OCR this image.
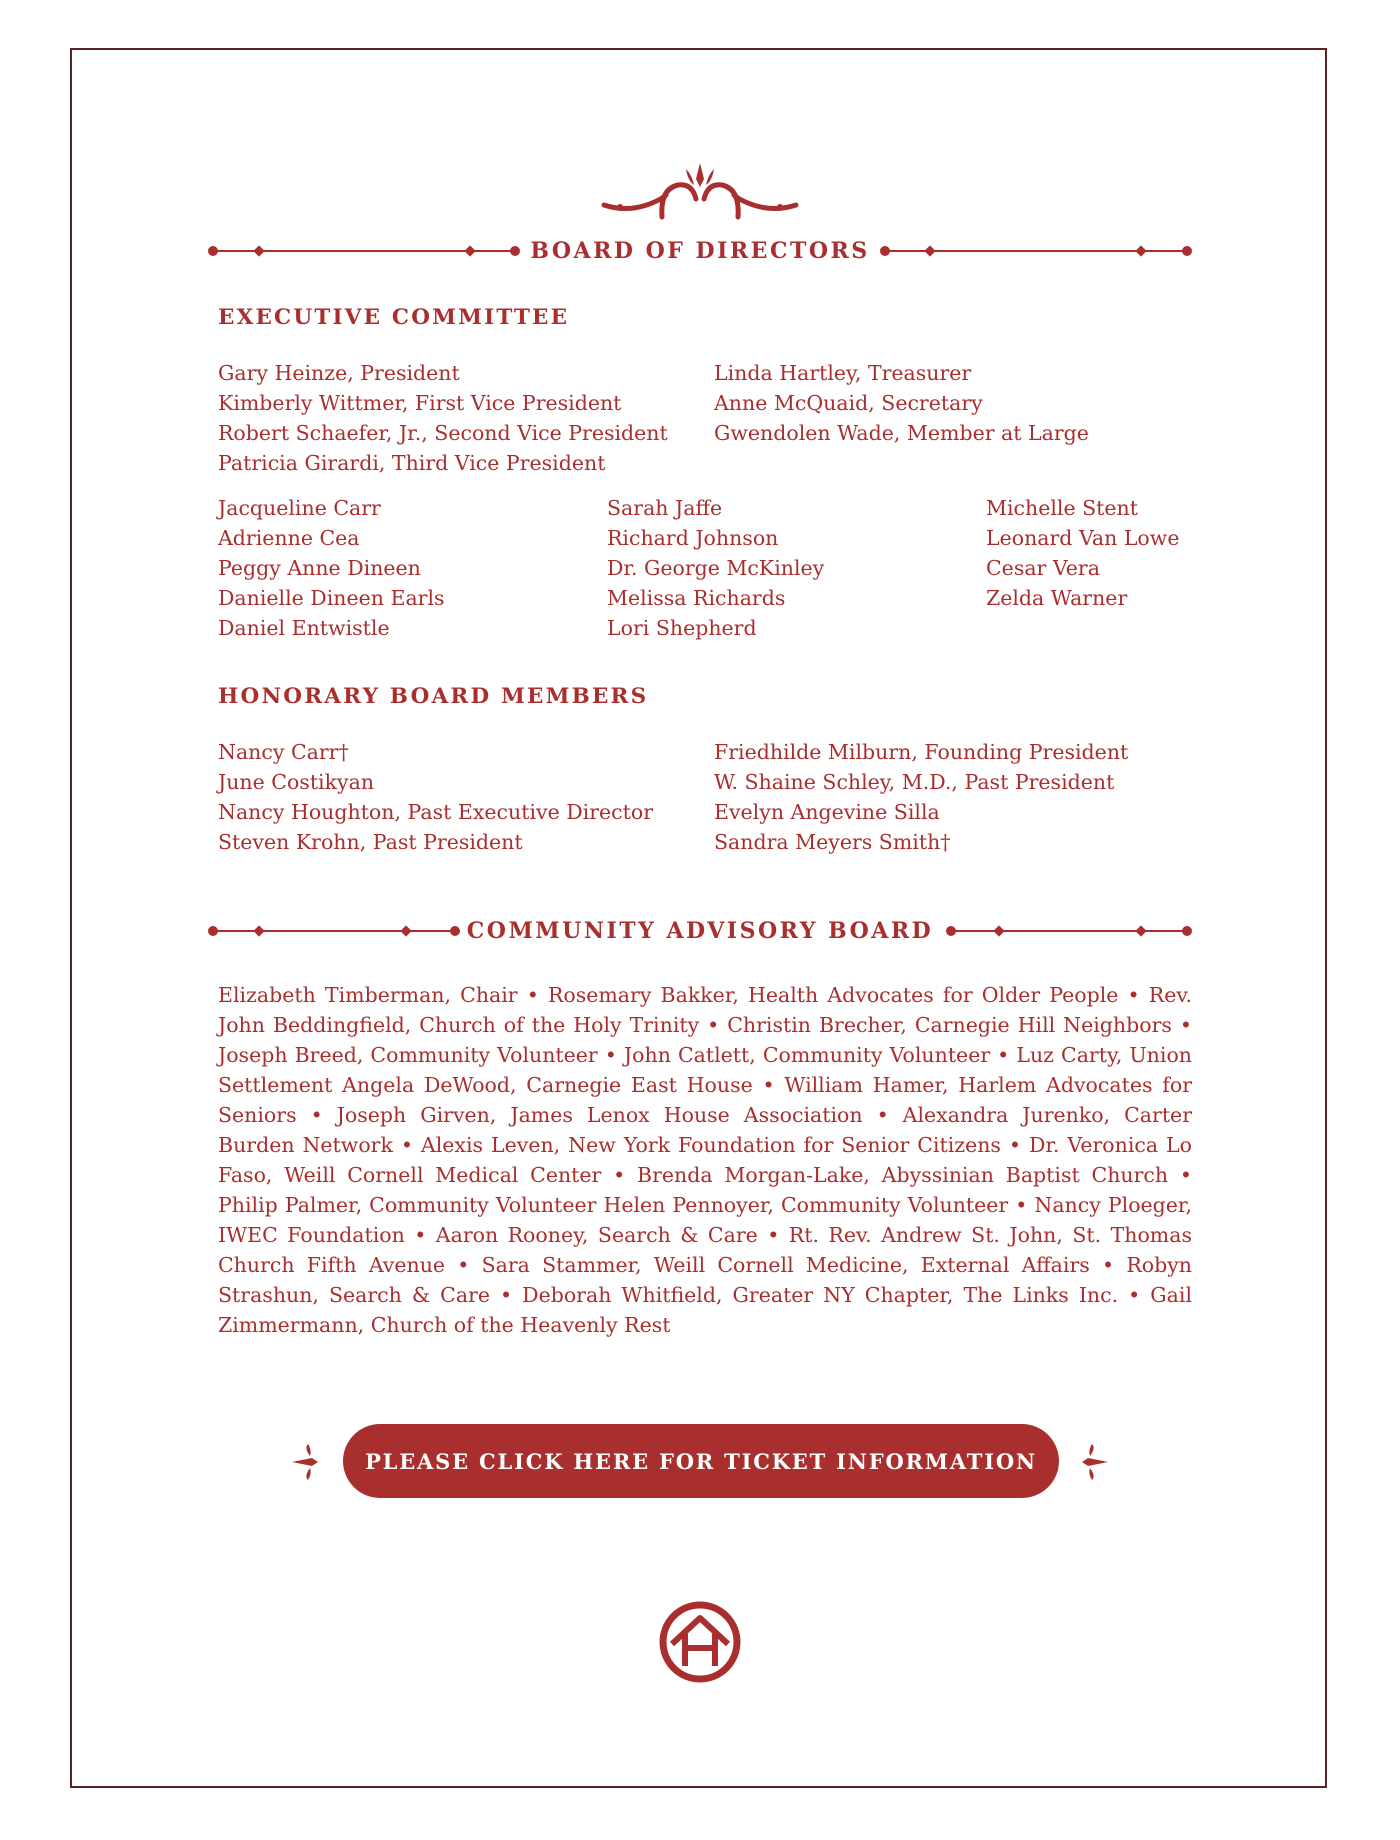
BOARD OF DIRECTORS
EXECUTIVE COMMITTEE
Gary Heinze, President
Kimberly Wittmer, First Vice President
Robert Schaefer, Jr., Second Vice President
Patricia Girardi, Third Vice President
Linda Hartley, Treasurer
Anne McQuaid, Secretary
Gwendolen Wade, Member at Large
Jacqueline Carr
Adrienne Cea
Peggy Anne Dineen
Danielle Dineen Earls
Daniel Entwistle
Sarah Jaffe
Richard Johnson
Dr. George McKinley
Melissa Richards
Lori Shepherd
Michelle Stent
Leonard Van Lowe
Cesar Vera
Zelda Warner
HONORARY BOARD MEMBERS
Nancy Carr†
June Costikyan
Nancy Houghton, Past Executive Director
Steven Krohn, Past President
Friedhilde Milburn, Founding President
W. Shaine Schley, M.D., Past President
Evelyn Angevine Silla
Sandra Meyers Smith†
COMMUNITY ADVISORY BOARD
Elizabeth Timberman, Chair • Rosemary Bakker, Health Advocates for Older People • Rev. John Beddingfield, Church of the Holy Trinity • Christin Brecher, Carnegie Hill Neighbors • Joseph Breed, Community Volunteer • John Catlett, Community Volunteer • Luz Carty, Union Settlement Angela DeWood, Carnegie East House • William Hamer, Harlem Advocates for Seniors • Joseph Girven, James Lenox House Association • Alexandra Jurenko, Carter Burden Network • Alexis Leven, New York Foundation for Senior Citizens • Dr. Veronica Lo Faso, Weill Cornell Medical Center • Brenda Morgan-Lake, Abyssinian Baptist Church • Philip Palmer, Community Volunteer Helen Pennoyer, Community Volunteer • Nancy Ploeger, IWEC Foundation • Aaron Rooney, Search & Care • Rt. Rev. Andrew St. John, St. Thomas Church Fifth Avenue • Sara Stammer, Weill Cornell Medicine, External Affairs • Robyn Strashun, Search & Care • Deborah Whitfield, Greater NY Chapter, The Links Inc. • Gail Zimmermann, Church of the Heavenly Rest
PLEASE CLICK HERE FOR TICKET INFORMATION
